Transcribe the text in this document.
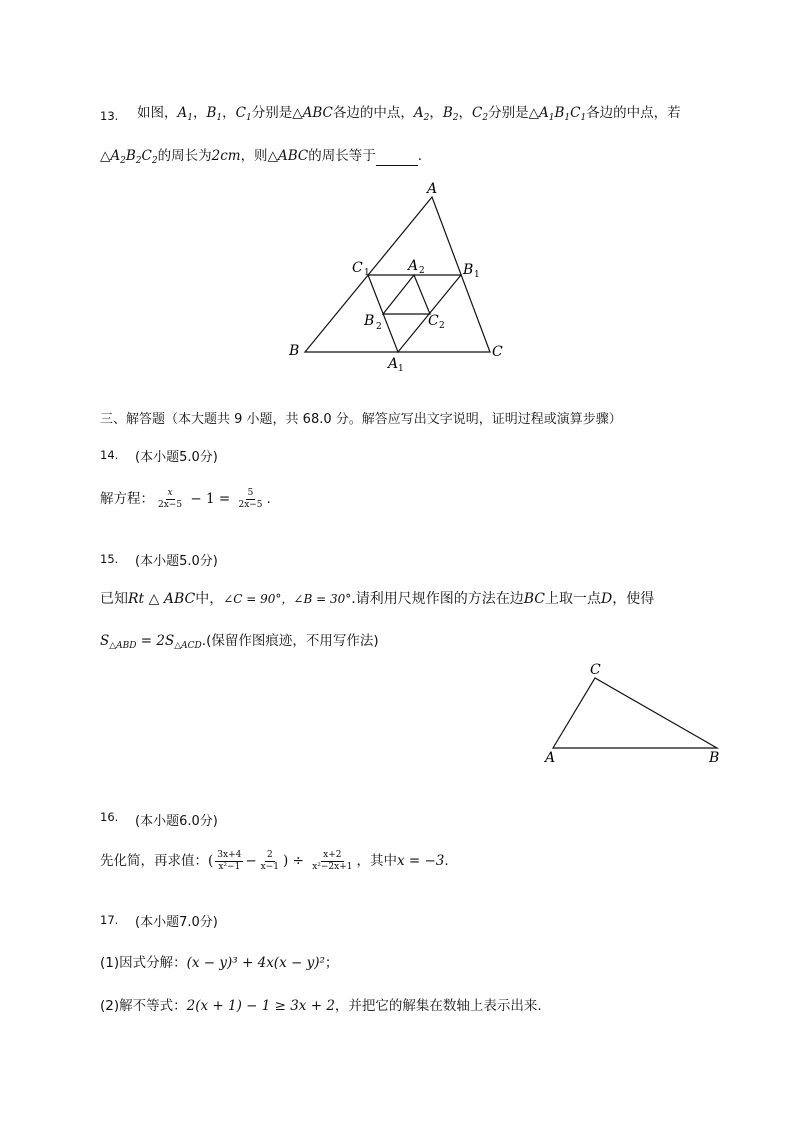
13. 如图，$A_1$，$B_1$，$C_1$分别是△ABC各边的中点，$A_2$，$B_2$，$C_2$分别是$\triangle A_1B_1C_1$各边的中点，若
$\triangle A_2B_2C_2$的周长为2cm，则△ABC的周长等于	.
A
B	C
C 1	B 1
A 1
A 2
B 2	C 2
三、解答题（本大题共 9 小题，共 68.0 分。解答应写出文字说明，证明过程或演算步骤）
14. (本小题5.0分)
解方程： $\frac{x}{2x-5} - 1 = \frac{5}{2x-5}$ .
15. (本小题5.0分)
已知Rt △ ABC中，∠C = 90°，∠B = 30°.请利用尺规作图的方法在边BC上取一点D，使得
$S_{\triangle ABD} = 2S_{\triangle ACD}$.(保留作图痕迹，不用写作法)
C
A	B
16. (本小题6.0分)
先化简，再求值：( $\frac{3x+4}{\text{x²−1}} - \frac{2}{x-1}$ ) ÷ $\frac{x+2}{\text{x²−2x+1}}$ ，其中x = −3.
17. (本小题7.0分)
(1)因式分解：(x − y)³ + 4x(x − y)²；
(2)解不等式：2(x + 1) − 1 ≥ 3x + 2，并把它的解集在数轴上表示出来.
